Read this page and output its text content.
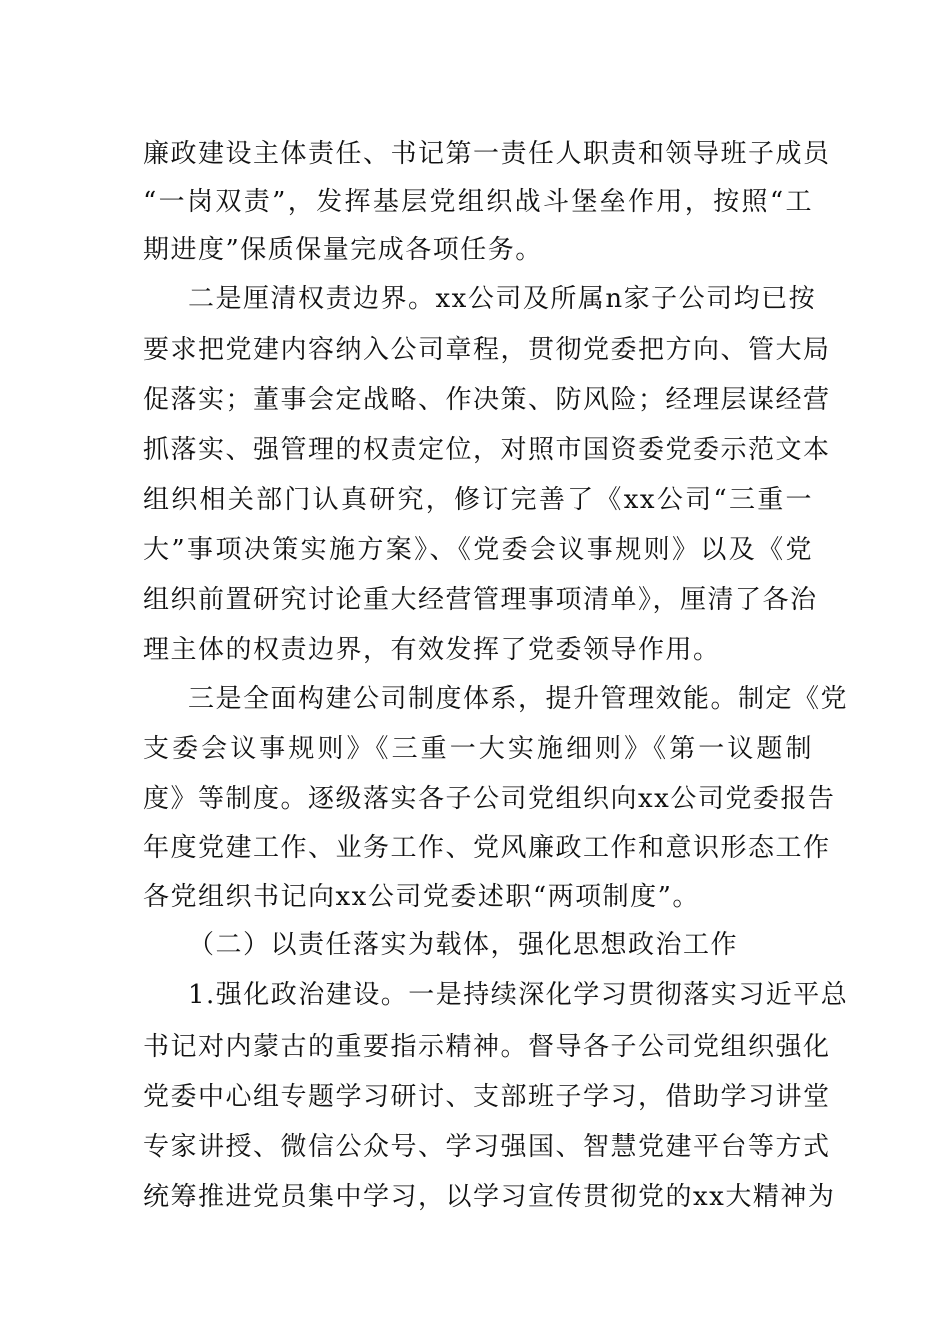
廉政建设主体责任、书记第一责任人职责和领导班子成员
“一岗双责”，发挥基层党组织战斗堡垒作用，按照“工
期进度”保质保量完成各项任务。
二是厘清权责边界。xx公司及所属n家子公司均已按
要求把党建内容纳入公司章程，贯彻党委把方向、管大局
促落实；董事会定战略、作决策、防风险；经理层谋经营
抓落实、强管理的权责定位，对照市国资委党委示范文本
组织相关部门认真研究，修订完善了《xx公司“三重一
大”事项决策实施方案》、《党委会议事规则》以及《党
组织前置研究讨论重大经营管理事项清单》，厘清了各治
理主体的权责边界，有效发挥了党委领导作用。
三是全面构建公司制度体系，提升管理效能。制定《党
支委会议事规则》《三重一大实施细则》《第一议题制
度》等制度。逐级落实各子公司党组织向xx公司党委报告
年度党建工作、业务工作、党风廉政工作和意识形态工作
各党组织书记向xx公司党委述职“两项制度”。
（二）以责任落实为载体，强化思想政治工作
1.强化政治建设。一是持续深化学习贯彻落实习近平总
书记对内蒙古的重要指示精神。督导各子公司党组织强化
党委中心组专题学习研讨、支部班子学习，借助学习讲堂
专家讲授、微信公众号、学习强国、智慧党建平台等方式
统筹推进党员集中学习，以学习宣传贯彻党的xx大精神为
